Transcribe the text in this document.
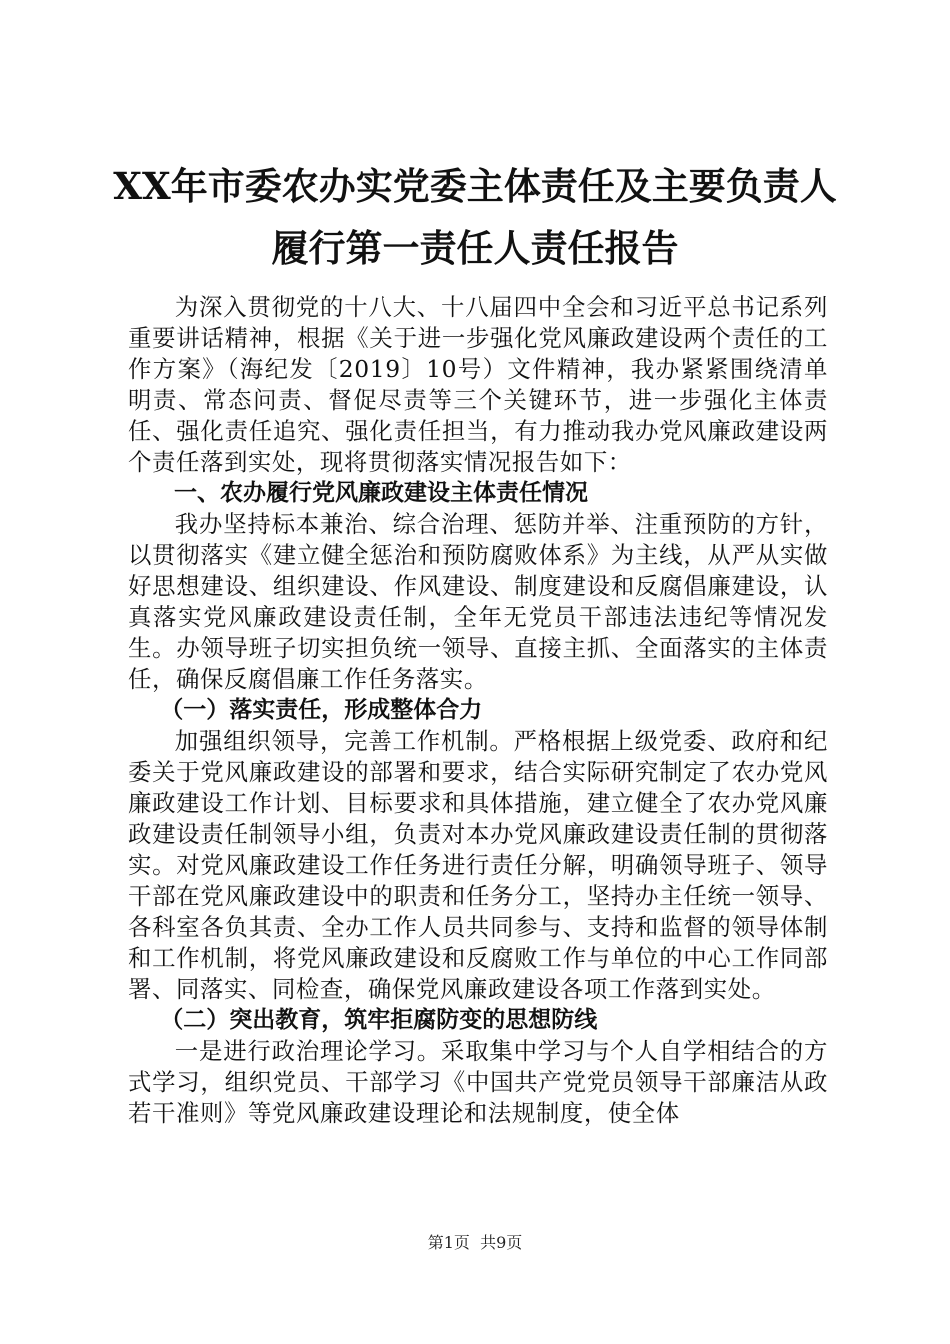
XX年市委农办实党委主体责任及主要负责人
履行第一责任人责任报告

为深入贯彻党的十八大、十八届四中全会和习近平总书记系列重要讲话精神，根据《关于进一步强化党风廉政建设两个责任的工作方案》（海纪发〔2019〕10号）文件精神，我办紧紧围绕清单明责、常态问责、督促尽责等三个关键环节，进一步强化主体责任、强化责任追究、强化责任担当，有力推动我办党风廉政建设两个责任落到实处，现将贯彻落实情况报告如下：

一、农办履行党风廉政建设主体责任情况

我办坚持标本兼治、综合治理、惩防并举、注重预防的方针，以贯彻落实《建立健全惩治和预防腐败体系》为主线，从严从实做好思想建设、组织建设、作风建设、制度建设和反腐倡廉建设，认真落实党风廉政建设责任制，全年无党员干部违法违纪等情况发生。办领导班子切实担负统一领导、直接主抓、全面落实的主体责任，确保反腐倡廉工作任务落实。

（一）落实责任，形成整体合力

加强组织领导，完善工作机制。严格根据上级党委、政府和纪委关于党风廉政建设的部署和要求，结合实际研究制定了农办党风廉政建设工作计划、目标要求和具体措施，建立健全了农办党风廉政建设责任制领导小组，负责对本办党风廉政建设责任制的贯彻落实。对党风廉政建设工作任务进行责任分解，明确领导班子、领导干部在党风廉政建设中的职责和任务分工，坚持办主任统一领导、各科室各负其责、全办工作人员共同参与、支持和监督的领导体制和工作机制，将党风廉政建设和反腐败工作与单位的中心工作同部署、同落实、同检查，确保党风廉政建设各项工作落到实处。

（二）突出教育，筑牢拒腐防变的思想防线

一是进行政治理论学习。采取集中学习与个人自学相结合的方式学习，组织党员、干部学习《中国共产党党员领导干部廉洁从政若干准则》等党风廉政建设理论和法规制度，使全体

第1页 共9页
